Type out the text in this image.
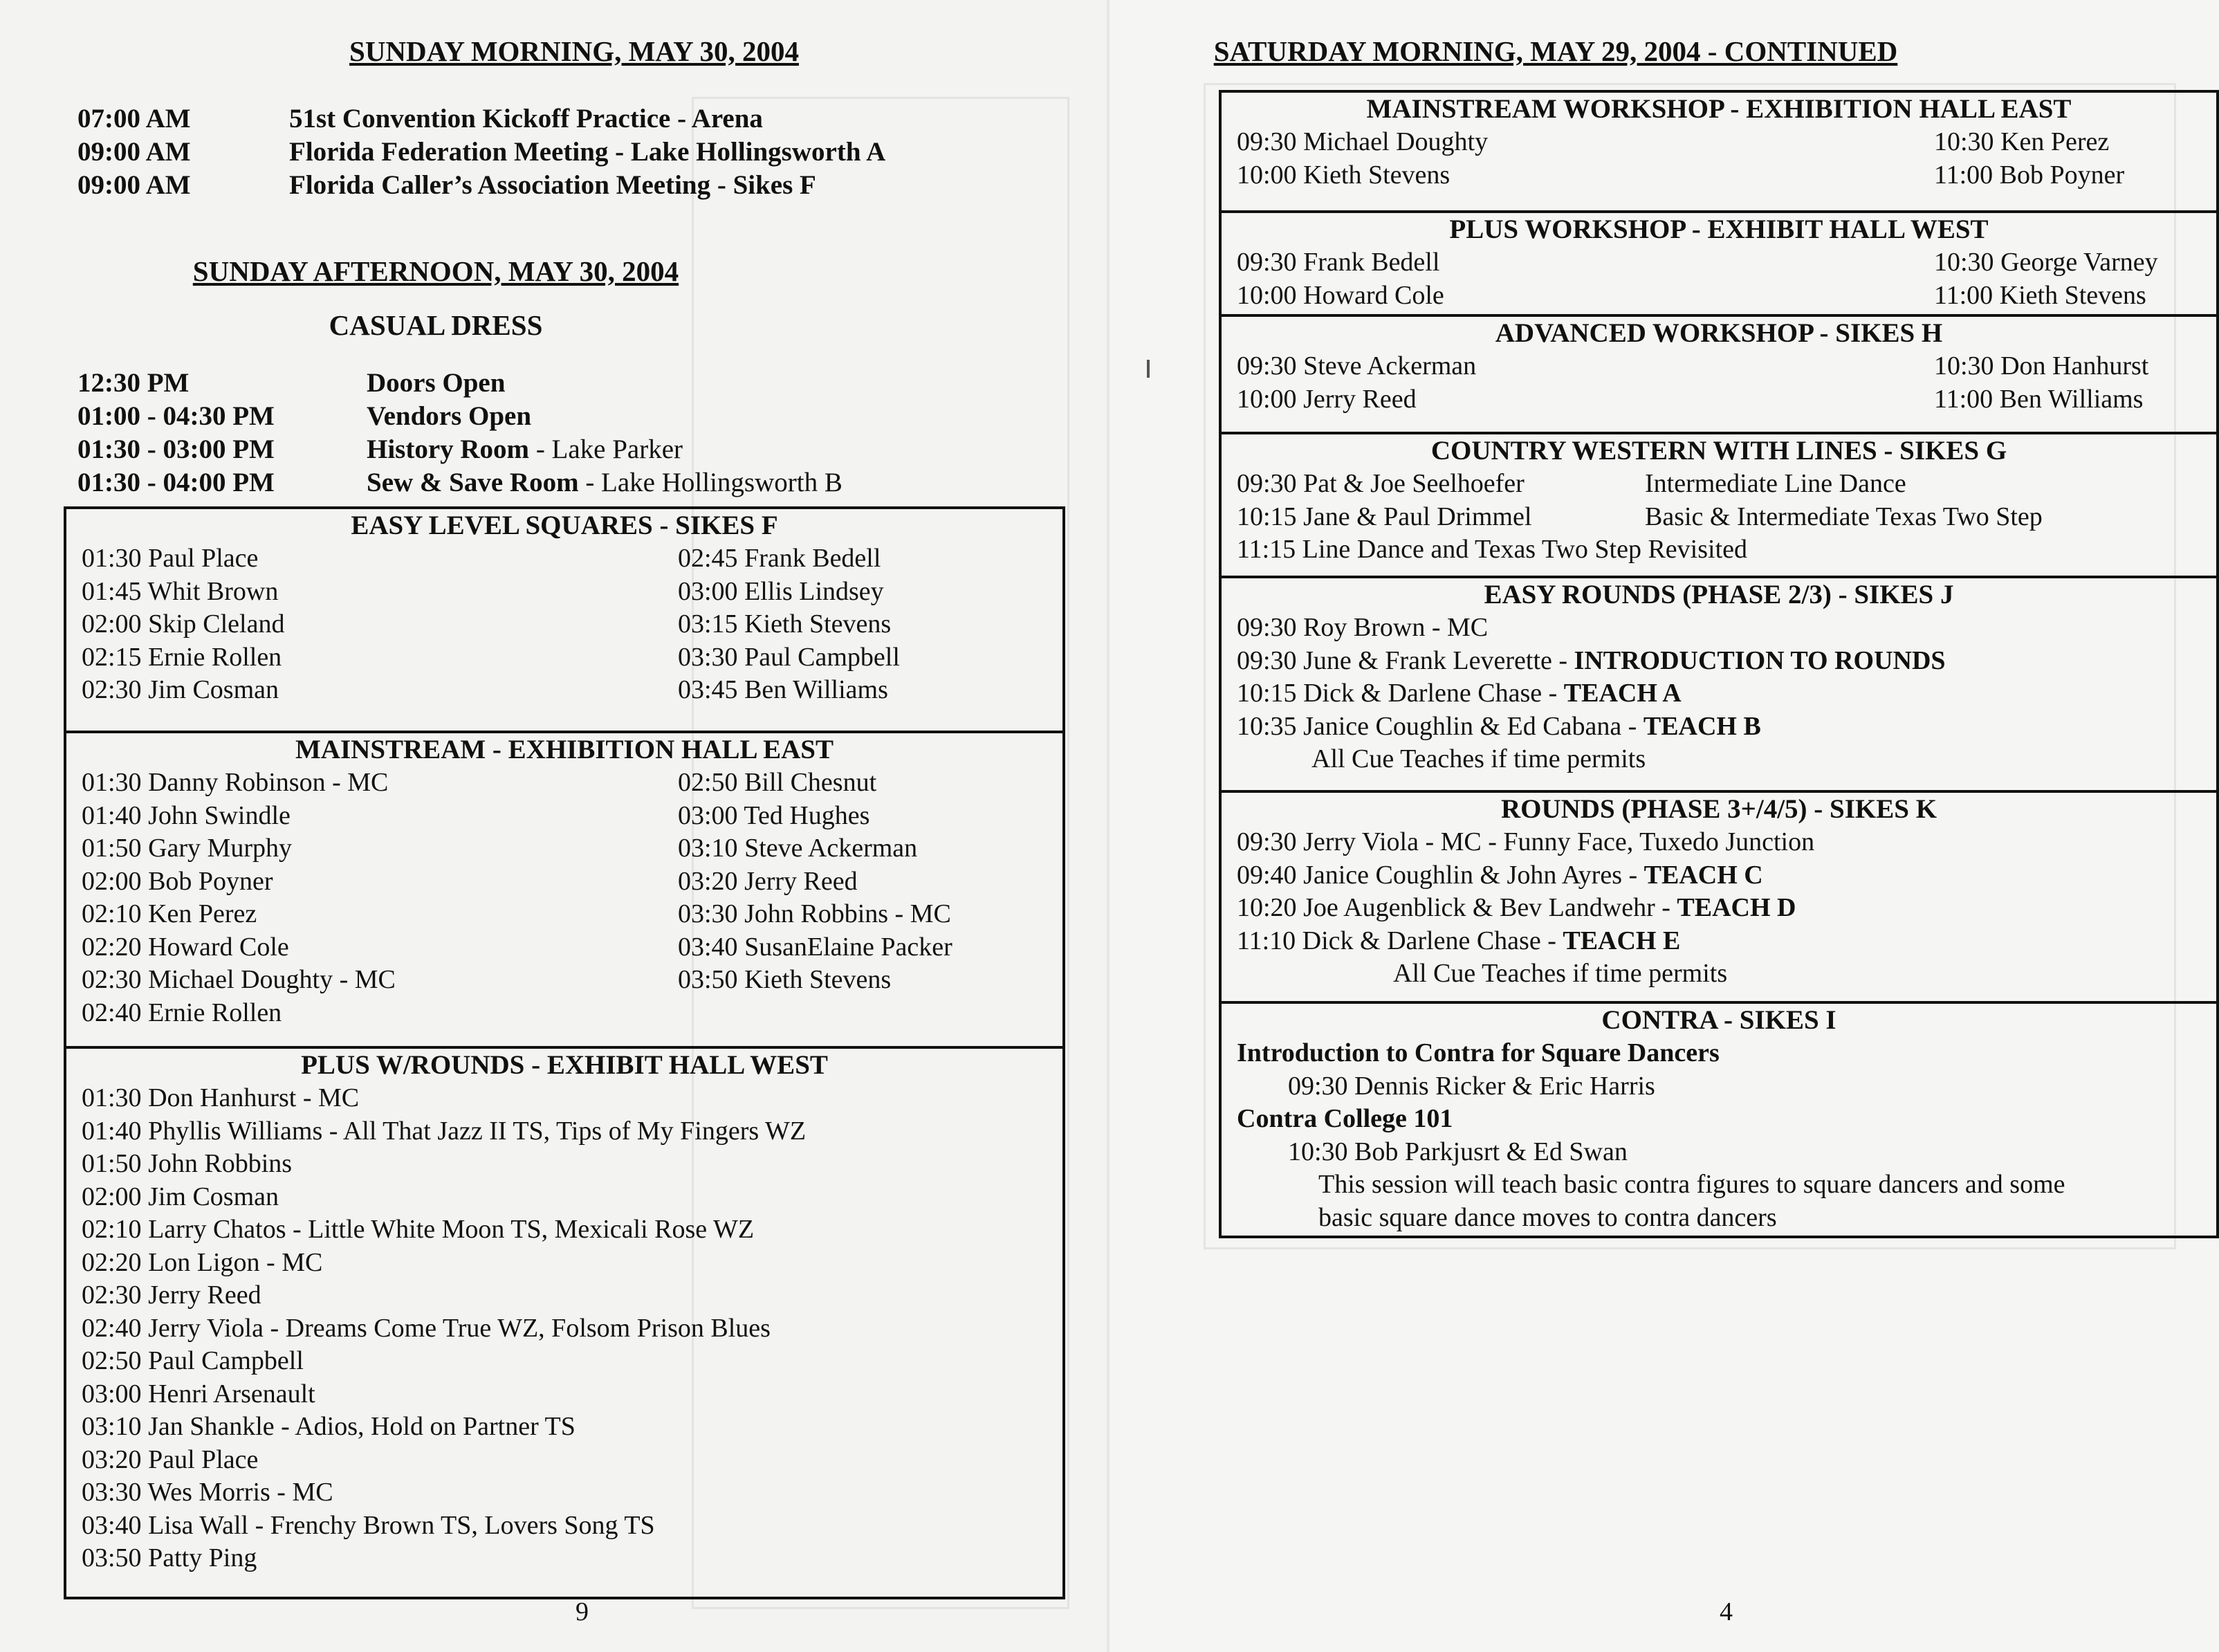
SUNDAY MORNING, MAY 30, 2004
07:00 AM	51st Convention Kickoff Practice - Arena
09:00 AM	Florida Federation Meeting - Lake Hollingsworth A
09:00 AM	Florida Caller’s Association Meeting - Sikes F
SUNDAY AFTERNOON, MAY 30, 2004
CASUAL DRESS
12:30 PM	Doors Open
01:00 - 04:30 PM	Vendors Open
01:30 - 03:00 PM	History Room - Lake Parker
01:30 - 04:00 PM	Sew & Save Room - Lake Hollingsworth B
EASY LEVEL SQUARES - SIKES F
01:30 Paul Place	02:45 Frank Bedell
01:45 Whit Brown	03:00 Ellis Lindsey
02:00 Skip Cleland	03:15 Kieth Stevens
02:15 Ernie Rollen	03:30 Paul Campbell
02:30 Jim Cosman	03:45 Ben Williams
MAINSTREAM - EXHIBITION HALL EAST
01:30 Danny Robinson - MC	02:50 Bill Chesnut
01:40 John Swindle	03:00 Ted Hughes
01:50 Gary Murphy	03:10 Steve Ackerman
02:00 Bob Poyner	03:20 Jerry Reed
02:10 Ken Perez	03:30 John Robbins - MC
02:20 Howard Cole	03:40 SusanElaine Packer
02:30 Michael Doughty - MC	03:50 Kieth Stevens
02:40 Ernie Rollen
PLUS W/ROUNDS - EXHIBIT HALL WEST
01:30 Don Hanhurst - MC
01:40 Phyllis Williams - All That Jazz II TS, Tips of My Fingers WZ
01:50 John Robbins
02:00 Jim Cosman
02:10 Larry Chatos - Little White Moon TS, Mexicali Rose WZ
02:20 Lon Ligon - MC
02:30 Jerry Reed
02:40 Jerry Viola - Dreams Come True WZ, Folsom Prison Blues
02:50 Paul Campbell
03:00 Henri Arsenault
03:10 Jan Shankle - Adios, Hold on Partner TS
03:20 Paul Place
03:30 Wes Morris - MC
03:40 Lisa Wall - Frenchy Brown TS, Lovers Song TS
03:50 Patty Ping
9
SATURDAY MORNING, MAY 29, 2004 - CONTINUED
MAINSTREAM WORKSHOP - EXHIBITION HALL EAST
09:30 Michael Doughty	10:30 Ken Perez
10:00 Kieth Stevens	11:00 Bob Poyner
PLUS WORKSHOP - EXHIBIT HALL WEST
09:30 Frank Bedell	10:30 George Varney
10:00 Howard Cole	11:00 Kieth Stevens
ADVANCED WORKSHOP - SIKES H
09:30 Steve Ackerman	10:30 Don Hanhurst
10:00 Jerry Reed	11:00 Ben Williams
COUNTRY WESTERN WITH LINES - SIKES G
09:30 Pat & Joe Seelhoefer	Intermediate Line Dance
10:15 Jane & Paul Drimmel	Basic & Intermediate Texas Two Step
11:15 Line Dance and Texas Two Step Revisited
EASY ROUNDS (PHASE 2/3) - SIKES J
09:30 Roy Brown - MC
09:30 June & Frank Leverette - INTRODUCTION TO ROUNDS
10:15 Dick & Darlene Chase - TEACH A
10:35 Janice Coughlin & Ed Cabana - TEACH B
All Cue Teaches if time permits
ROUNDS (PHASE 3+/4/5) - SIKES K
09:30 Jerry Viola - MC - Funny Face, Tuxedo Junction
09:40 Janice Coughlin & John Ayres - TEACH C
10:20 Joe Augenblick & Bev Landwehr - TEACH D
11:10 Dick & Darlene Chase - TEACH E
All Cue Teaches if time permits
CONTRA - SIKES I
Introduction to Contra for Square Dancers
09:30 Dennis Ricker & Eric Harris
Contra College 101
10:30 Bob Parkjusrt & Ed Swan
This session will teach basic contra figures to square dancers and some
basic square dance moves to contra dancers
4
